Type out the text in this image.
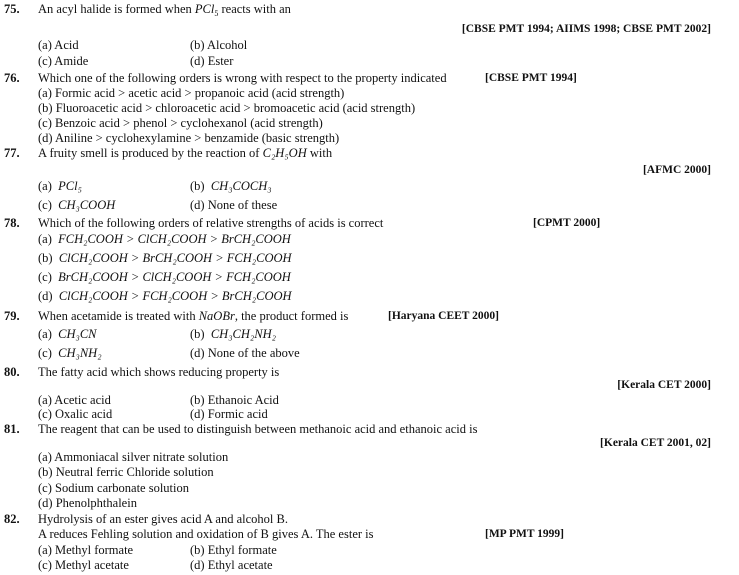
75. An acyl halide is formed when PCl$_5$ reacts with an
[CBSE PMT 1994; AIIMS 1998; CBSE PMT 2002]
(a) Acid	(b) Alcohol
(c) Amide	(d) Ester
76. Which one of the following orders is wrong with respect to the property indicated	[CBSE PMT 1994]
(a) Formic acid > acetic acid > propanoic acid (acid strength)
(b) Fluoroacetic acid > chloroacetic acid > bromoacetic acid (acid strength)
(c) Benzoic acid > phenol > cyclohexanol (acid strength)
(d) Aniline > cyclohexylamine > benzamide (basic strength)
77. A fruity smell is produced by the reaction of C₂H₅OH with
[AFMC 2000]
(a) PCl₅	(b) CH₃COCH₃
(c) CH₃COOH	(d) None of these
78. Which of the following orders of relative strengths of acids is correct	[CPMT 2000]
(a) FCH₂COOH > ClCH₂COOH > BrCH₂COOH
(b) ClCH₂COOH > BrCH₂COOH > FCH₂COOH
(c) BrCH₂COOH > ClCH₂COOH > FCH₂COOH
(d) ClCH₂COOH > FCH₂COOH > BrCH₂COOH
79. When acetamide is treated with NaOBr, the product formed is	[Haryana CEET 2000]
(a) CH₃CN	(b) CH₃CH₂NH₂
(c) CH₃NH₂	(d) None of the above
80. The fatty acid which shows reducing property is
[Kerala CET 2000]
(a) Acetic acid	(b) Ethanoic Acid
(c) Oxalic acid	(d) Formic acid
81. The reagent that can be used to distinguish between methanoic acid and ethanoic acid is
[Kerala CET 2001, 02]
(a) Ammoniacal silver nitrate solution
(b) Neutral ferric Chloride solution
(c) Sodium carbonate solution
(d) Phenolphthalein
82. Hydrolysis of an ester gives acid A and alcohol B.
A reduces Fehling solution and oxidation of B gives A. The ester is	[MP PMT 1999]
(a) Methyl formate	(b) Ethyl formate
(c) Methyl acetate	(d) Ethyl acetate
